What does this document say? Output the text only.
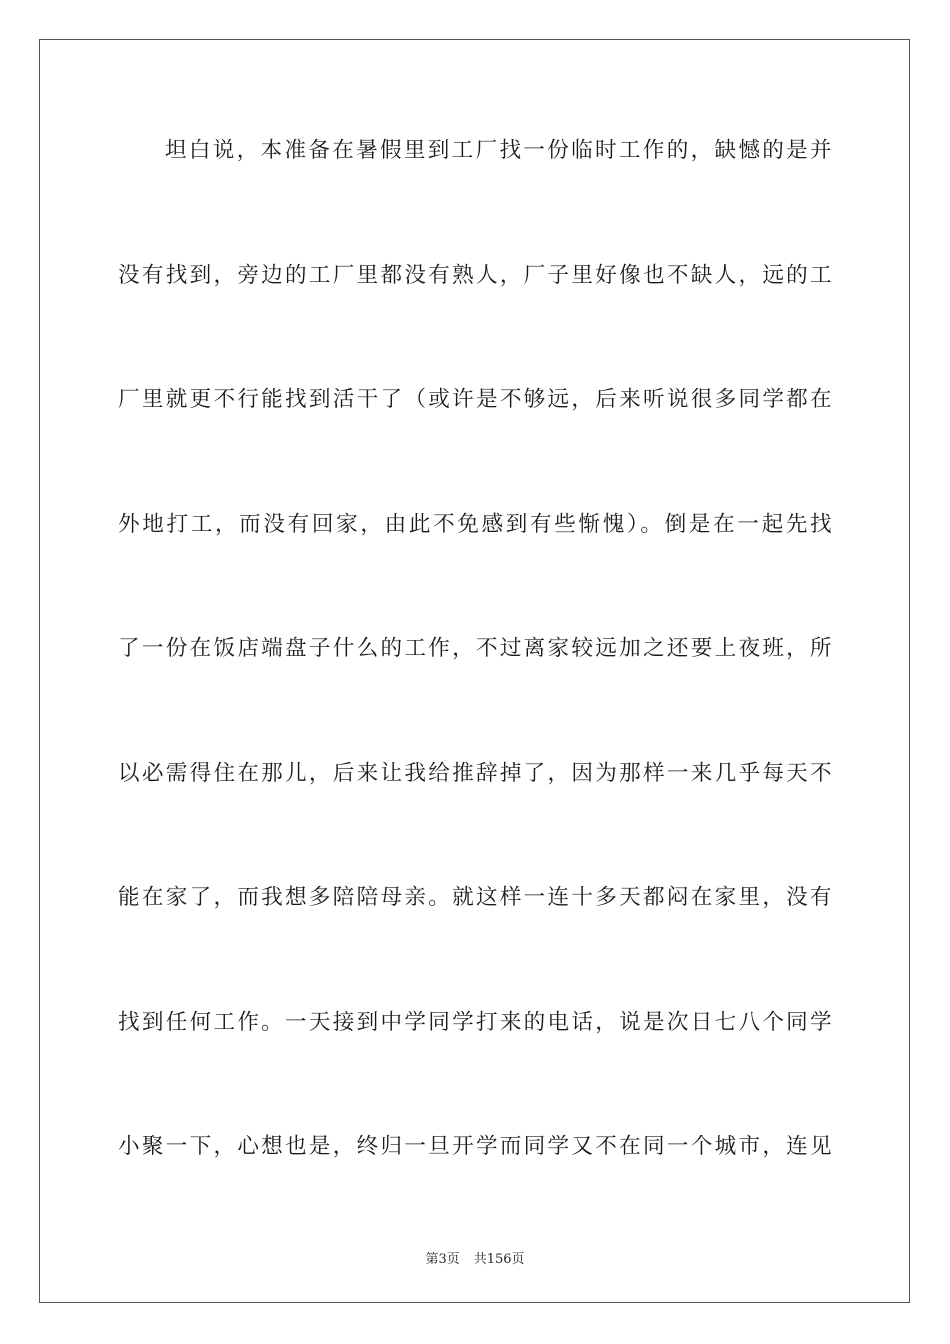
坦白说，本准备在暑假里到工厂找一份临时工作的，缺憾的是并
没有找到，旁边的工厂里都没有熟人，厂子里好像也不缺人，远的工
厂里就更不行能找到活干了（或许是不够远，后来听说很多同学都在
外地打工，而没有回家，由此不免感到有些惭愧）。倒是在一起先找
了一份在饭店端盘子什么的工作，不过离家较远加之还要上夜班，所
以必需得住在那儿，后来让我给推辞掉了，因为那样一来几乎每天不
能在家了，而我想多陪陪母亲。就这样一连十多天都闷在家里，没有
找到任何工作。一天接到中学同学打来的电话，说是次日七八个同学
小聚一下，心想也是，终归一旦开学而同学又不在同一个城市，连见
第3页 共156页
